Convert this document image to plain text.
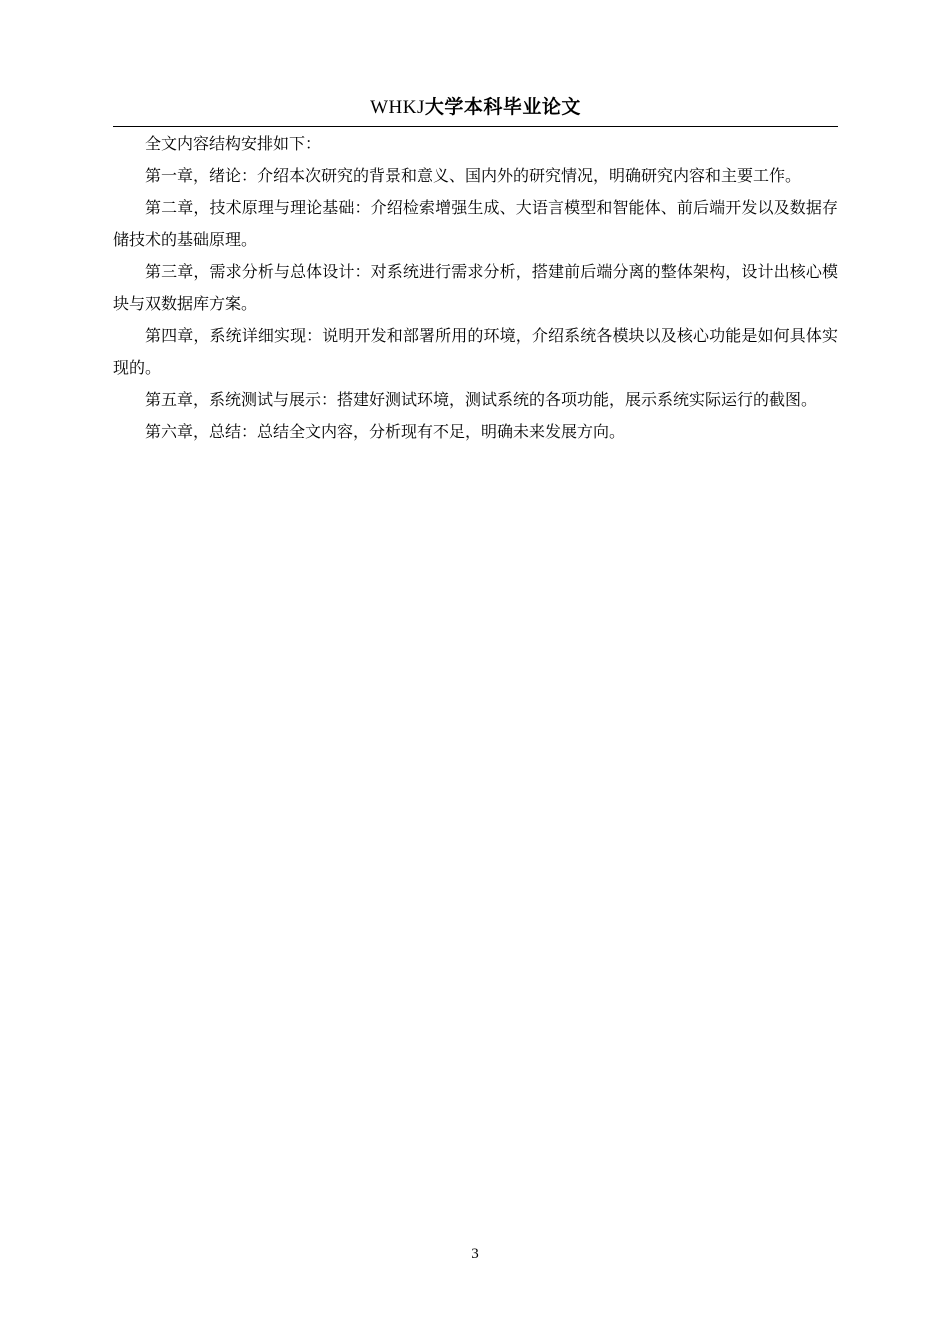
WHKJ大学本科毕业论文

全文内容结构安排如下：

第一章，绪论：介绍本次研究的背景和意义、国内外的研究情况，明确研究内容和主要工作。

第二章，技术原理与理论基础：介绍检索增强生成、大语言模型和智能体、前后端开发以及数据存储技术的基础原理。

第三章，需求分析与总体设计：对系统进行需求分析，搭建前后端分离的整体架构，设计出核心模块与双数据库方案。

第四章，系统详细实现：说明开发和部署所用的环境，介绍系统各模块以及核心功能是如何具体实现的。

第五章，系统测试与展示：搭建好测试环境，测试系统的各项功能，展示系统实际运行的截图。

第六章，总结：总结全文内容，分析现有不足，明确未来发展方向。

3
